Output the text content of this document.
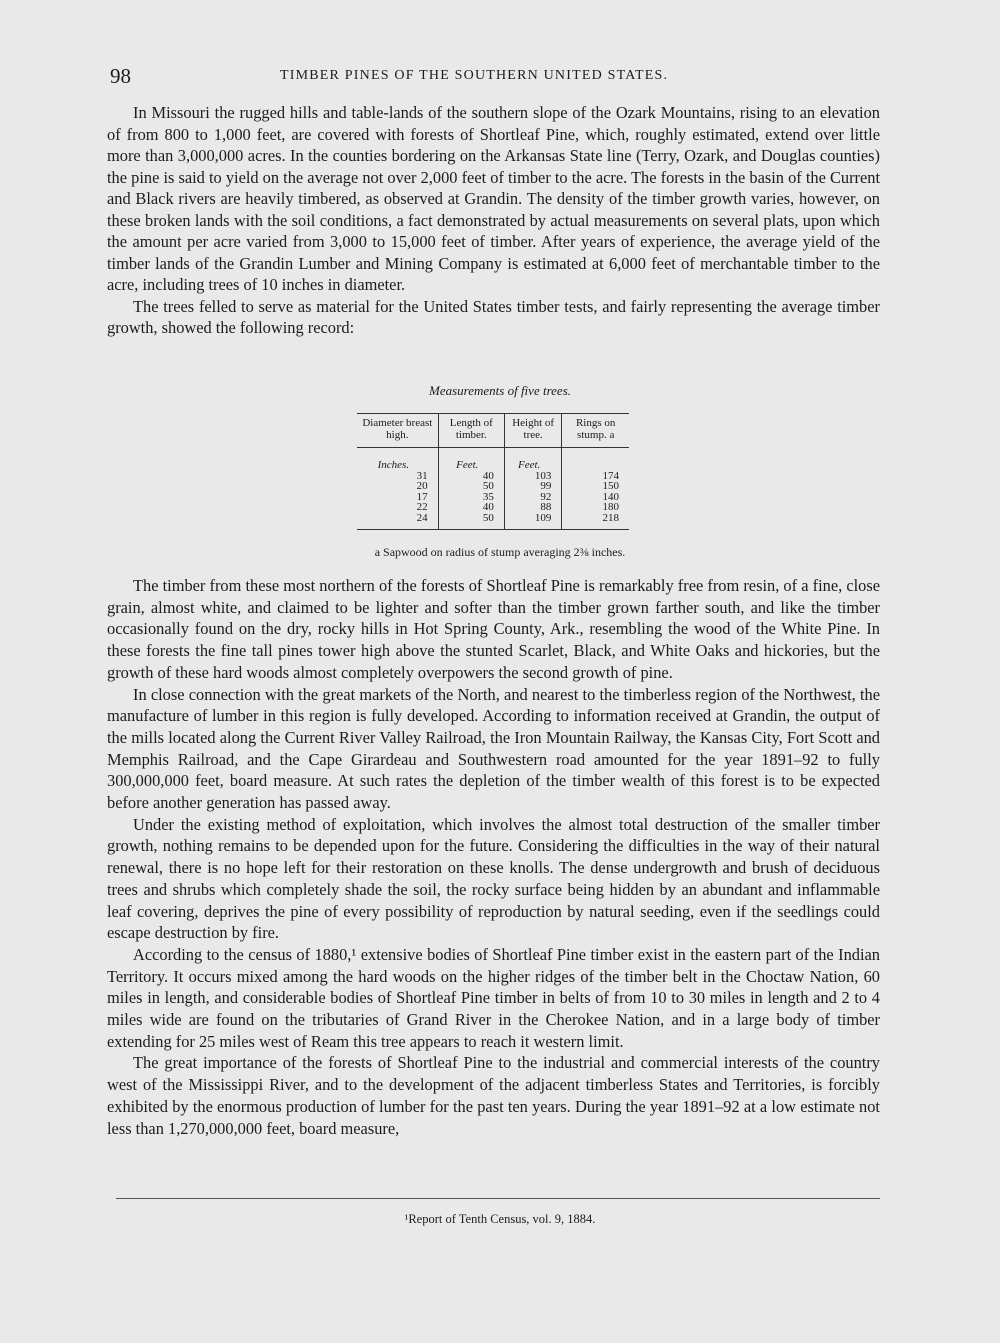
98	TIMBER PINES OF THE SOUTHERN UNITED STATES.

In Missouri the rugged hills and table-lands of the southern slope of the Ozark Mountains, rising to an elevation of from 800 to 1,000 feet, are covered with forests of Shortleaf Pine, which, roughly estimated, extend over little more than 3,000,000 acres. In the counties bordering on the Arkansas State line (Terry, Ozark, and Douglas counties) the pine is said to yield on the average not over 2,000 feet of timber to the acre. The forests in the basin of the Current and Black rivers are heavily timbered, as observed at Grandin. The density of the timber growth varies, however, on these broken lands with the soil conditions, a fact demonstrated by actual measurements on several plats, upon which the amount per acre varied from 3,000 to 15,000 feet of timber. After years of experience, the average yield of the timber lands of the Grandin Lumber and Mining Company is estimated at 6,000 feet of merchantable timber to the acre, including trees of 10 inches in diameter.

The trees felled to serve as material for the United States timber tests, and fairly representing the average timber growth, showed the following record:

Measurements of five trees.
Diameter breast high.	Length of timber.	Height of tree.	Rings on stump. a
Inches.	Feet.	Feet.	
31	40	103	174
20	50	99	150
17	35	92	140
22	40	88	180
24	50	109	218

a Sapwood on radius of stump averaging 2⅜ inches.

The timber from these most northern of the forests of Shortleaf Pine is remarkably free from resin, of a fine, close grain, almost white, and claimed to be lighter and softer than the timber grown farther south, and like the timber occasionally found on the dry, rocky hills in Hot Spring County, Ark., resembling the wood of the White Pine. In these forests the fine tall pines tower high above the stunted Scarlet, Black, and White Oaks and hickories, but the growth of these hard woods almost completely overpowers the second growth of pine.

In close connection with the great markets of the North, and nearest to the timberless region of the Northwest, the manufacture of lumber in this region is fully developed. According to information received at Grandin, the output of the mills located along the Current River Valley Railroad, the Iron Mountain Railway, the Kansas City, Fort Scott and Memphis Railroad, and the Cape Girardeau and Southwestern road amounted for the year 1891–92 to fully 300,000,000 feet, board measure. At such rates the depletion of the timber wealth of this forest is to be expected before another generation has passed away.

Under the existing method of exploitation, which involves the almost total destruction of the smaller timber growth, nothing remains to be depended upon for the future. Considering the difficulties in the way of their natural renewal, there is no hope left for their restoration on these knolls. The dense undergrowth and brush of deciduous trees and shrubs which completely shade the soil, the rocky surface being hidden by an abundant and inflammable leaf covering, deprives the pine of every possibility of reproduction by natural seeding, even if the seedlings could escape destruction by fire.

According to the census of 1880,¹ extensive bodies of Shortleaf Pine timber exist in the eastern part of the Indian Territory. It occurs mixed among the hard woods on the higher ridges of the timber belt in the Choctaw Nation, 60 miles in length, and considerable bodies of Shortleaf Pine timber in belts of from 10 to 30 miles in length and 2 to 4 miles wide are found on the tributaries of Grand River in the Cherokee Nation, and in a large body of timber extending for 25 miles west of Ream this tree appears to reach it western limit.

The great importance of the forests of Shortleaf Pine to the industrial and commercial interests of the country west of the Mississippi River, and to the development of the adjacent timberless States and Territories, is forcibly exhibited by the enormous production of lumber for the past ten years. During the year 1891–92 at a low estimate not less than 1,270,000,000 feet, board measure,

¹Report of Tenth Census, vol. 9, 1884.
